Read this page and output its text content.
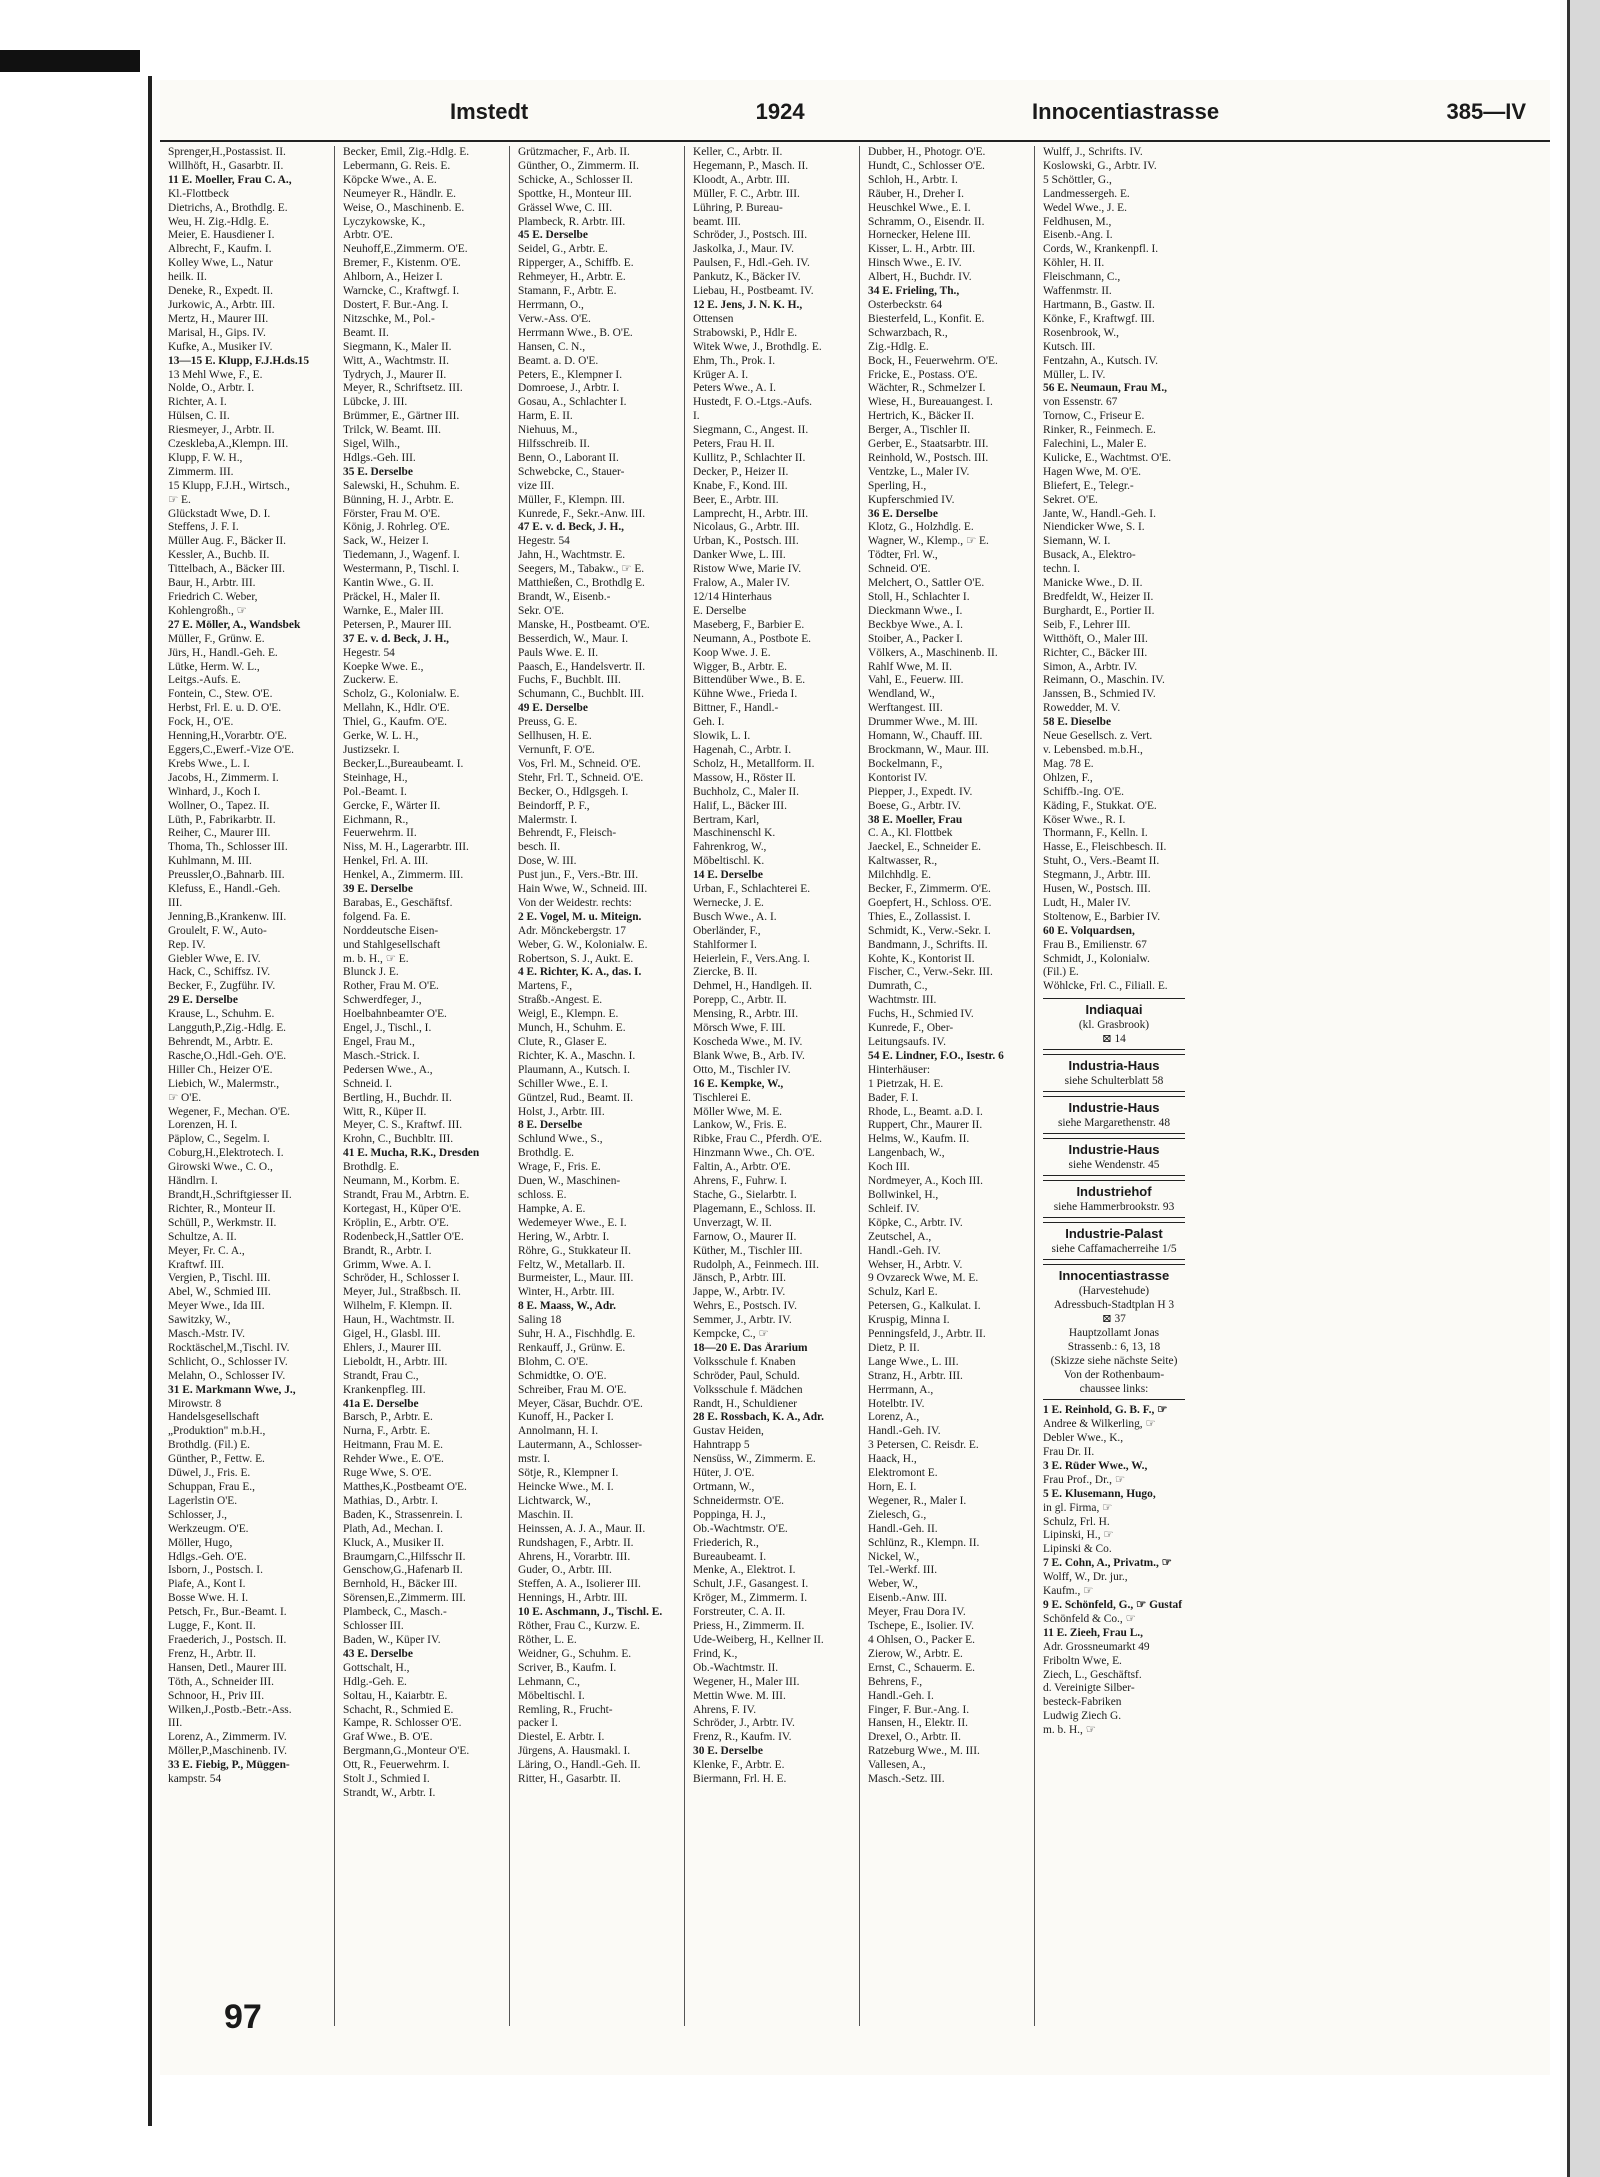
Imstedt	1924	Innocentiastrasse	385—IV
Sprenger,H.,Postassist. II.
Willhöft, H., Gasarbtr. II.
11 E. Moeller, Frau C. A.,
Kl.-Flottbeck
Dietrichs, A., Brothdlg. E.
Weu, H. Zig.-Hdlg. E.
Meier, E. Hausdiener I.
Albrecht, F., Kaufm. I.
Kolley Wwe, L., Natur
heilk. II.
Deneke, R., Expedt. II.
Jurkowic, A., Arbtr. III.
Mertz, H., Maurer III.
Marisal, H., Gips. IV.
Kufke, A., Musiker IV.
13—15 E. Klupp, F.J.H.ds.15
13 Mehl Wwe, F., E.
Nolde, O., Arbtr. I.
Richter, A. I.
Hülsen, C. II.
Riesmeyer, J., Arbtr. II.
Czeskleba,A.,Klempn. III.
Klupp, F. W. H.,
Zimmerm. III.
15 Klupp, F.J.H., Wirtsch.,
☞ E.
Glückstadt Wwe, D. I.
Steffens, J. F. I.
Müller Aug. F., Bäcker II.
Kessler, A., Buchb. II.
Tittelbach, A., Bäcker III.
Baur, H., Arbtr. III.
Friedrich C. Weber,
Kohlengroßh., ☞
27 E. Möller, A., Wandsbek
Müller, F., Grünw. E.
Jürs, H., Handl.-Geh. E.
Lütke, Herm. W. L.,
Leitgs.-Aufs. E.
Fontein, C., Stew. O'E.
Herbst, Frl. E. u. D. O'E.
Fock, H., O'E.
Henning,H.,Vorarbtr. O'E.
Eggers,C.,Ewerf.-Vize O'E.
Krebs Wwe., L. I.
Jacobs, H., Zimmerm. I.
Winhard, J., Koch I.
Wollner, O., Tapez. II.
Lüth, P., Fabrikarbtr. II.
Reiher, C., Maurer III.
Thoma, Th., Schlosser III.
Kuhlmann, M. III.
Preussler,O.,Bahnarb. III.
Klefuss, E., Handl.-Geh.
III.
Jenning,B.,Krankenw. III.
Groulelt, F. W., Auto-
Rep. IV.
Giebler Wwe, E. IV.
Hack, C., Schiffsz. IV.
Becker, F., Zugführ. IV.
29 E. Derselbe
Krause, L., Schuhm. E.
Langguth,P.,Zig.-Hdlg. E.
Behrendt, M., Arbtr. E.
Rasche,O.,Hdl.-Geh. O'E.
Hiller Ch., Heizer O'E.
Liebich, W., Malermstr.,
☞ O'E.
Wegener, F., Mechan. O'E.
Lorenzen, H. I.
Päplow, C., Segelm. I.
Coburg,H.,Elektrotech. I.
Girowski Wwe., C. O.,
Händlrn. I.
Brandt,H.,Schriftgiesser II.
Richter, R., Monteur II.
Schüll, P., Werkmstr. II.
Schultze, A. II.
Meyer, Fr. C. A.,
Kraftwf. III.
Vergien, P., Tischl. III.
Abel, W., Schmied III.
Meyer Wwe., Ida III.
Sawitzky, W.,
Masch.-Mstr. IV.
Rocktäschel,M.,Tischl. IV.
Schlicht, O., Schlosser IV.
Melahn, O., Schlosser IV.
31 E. Markmann Wwe, J.,
Mirowstr. 8
Handelsgesellschaft
„Produktion" m.b.H.,
Brothdlg. (Fil.) E.
Günther, P., Fettw. E.
Düwel, J., Fris. E.
Schuppan, Frau E.,
Lagerlstin O'E.
Schlosser, J.,
Werkzeugm. O'E.
Möller, Hugo,
Hdlgs.-Geh. O'E.
Isborn, J., Postsch. I.
Piafe, A., Kont I.
Bosse Wwe. H. I.
Petsch, Fr., Bur.-Beamt. I.
Lugge, F., Kont. II.
Fraederich, J., Postsch. II.
Frenz, H., Arbtr. II.
Hansen, Detl., Maurer III.
Töth, A., Schneider III.
Schnoor, H., Priv III.
Wilken,J.,Postb.-Betr.-Ass.
III.
Lorenz, A., Zimmerm. IV.
Möller,P.,Maschinenb. IV.
33 E. Fiebig, P., Müggen-
kampstr. 54
Becker, Emil, Zig.-Hdlg. E.
Lebermann, G. Reis. E.
Köpcke Wwe., A. E.
Neumeyer R., Händlr. E.
Weise, O., Maschinenb. E.
Lyczykowske, K.,
Arbtr. O'E.
Neuhoff,E.,Zimmerm. O'E.
Bremer, F., Kistenm. O'E.
Ahlborn, A., Heizer I.
Warncke, C., Kraftwgf. I.
Dostert, F. Bur.-Ang. I.
Nitzschke, M., Pol.-
Beamt. II.
Siegmann, K., Maler II.
Witt, A., Wachtmstr. II.
Tydrych, J., Maurer II.
Meyer, R., Schriftsetz. III.
Lübcke, J. III.
Brümmer, E., Gärtner III.
Trilck, W. Beamt. III.
Sigel, Wilh.,
Hdlgs.-Geh. III.
35 E. Derselbe
Salewski, H., Schuhm. E.
Bünning, H. J., Arbtr. E.
Förster, Frau M. O'E.
König, J. Rohrleg. O'E.
Sack, W., Heizer I.
Tiedemann, J., Wagenf. I.
Westermann, P., Tischl. I.
Kantin Wwe., G. II.
Präckel, H., Maler II.
Warnke, E., Maler III.
Petersen, P., Maurer III.
37 E. v. d. Beck, J. H.,
Hegestr. 54
Koepke Wwe. E.,
Zuckerw. E.
Scholz, G., Kolonialw. E.
Mellahn, K., Hdlr. O'E.
Thiel, G., Kaufm. O'E.
Gerke, W. L. H.,
Justizsekr. I.
Becker,L.,Bureaubeamt. I.
Steinhage, H.,
Pol.-Beamt. I.
Gercke, F., Wärter II.
Eichmann, R.,
Feuerwehrm. II.
Niss, M. H., Lagerarbtr. III.
Henkel, Frl. A. III.
Henkel, A., Zimmerm. III.
39 E. Derselbe
Barabas, E., Geschäftsf.
folgend. Fa. E.
Norddeutsche Eisen-
und Stahlgesellschaft
m. b. H., ☞ E.
Blunck J. E.
Rother, Frau M. O'E.
Schwerdfeger, J.,
Hoelbahnbeamter O'E.
Engel, J., Tischl., I.
Engel, Frau M.,
Masch.-Strick. I.
Pedersen Wwe., A.,
Schneid. I.
Bertling, H., Buchdr. II.
Witt, R., Küper II.
Meyer, C. S., Kraftwf. III.
Krohn, C., Buchbltr. III.
41 E. Mucha, R.K., Dresden
Brothdlg. E.
Neumann, M., Korbm. E.
Strandt, Frau M., Arbtrn. E.
Kortegast, H., Küper O'E.
Kröplin, E., Arbtr. O'E.
Rodenbeck,H.,Sattler O'E.
Brandt, R., Arbtr. I.
Grimm, Wwe. A. I.
Schröder, H., Schlosser I.
Meyer, Jul., Straßbsch. II.
Wilhelm, F. Klempn. II.
Haun, H., Wachtmstr. II.
Gigel, H., Glasbl. III.
Ehlers, J., Maurer III.
Lieboldt, H., Arbtr. III.
Strandt, Frau C.,
Krankenpfleg. III.
41a E. Derselbe
Barsch, P., Arbtr. E.
Nurna, F., Arbtr. E.
Heitmann, Frau M. E.
Rehder Wwe., E. O'E.
Ruge Wwe, S. O'E.
Matthes,K.,Postbeamt O'E.
Mathias, D., Arbtr. I.
Baden, K., Strassenrein. I.
Plath, Ad., Mechan. I.
Kluck, A., Musiker II.
Braumgarn,C.,Hilfsschr II.
Genschow,G.,Hafenarb II.
Bernhold, H., Bäcker III.
Sörensen,E.,Zimmerm. III.
Plambeck, C., Masch.-
Schlosser III.
Baden, W., Küper IV.
43 E. Derselbe
Gottschalt, H.,
Hdlg.-Geh. E.
Soltau, H., Kaiarbtr. E.
Schacht, R., Schmied E.
Kampe, R. Schlosser O'E.
Graf Wwe., B. O'E.
Bergmann,G.,Monteur O'E.
Ott, R., Feuerwehrm. I.
Stolt J., Schmied I.
Strandt, W., Arbtr. I.
Grützmacher, F., Arb. II.
Günther, O., Zimmerm. II.
Schicke, A., Schlosser II.
Spottke, H., Monteur III.
Grässel Wwe, C. III.
Plambeck, R. Arbtr. III.
45 E. Derselbe
Seidel, G., Arbtr. E.
Ripperger, A., Schiffb. E.
Rehmeyer, H., Arbtr. E.
Stamann, F., Arbtr. E.
Herrmann, O.,
Verw.-Ass. O'E.
Herrmann Wwe., B. O'E.
Hansen, C. N.,
Beamt. a. D. O'E.
Peters, E., Klempner I.
Domroese, J., Arbtr. I.
Gosau, A., Schlachter I.
Harm, E. II.
Niehuus, M.,
Hilfsschreib. II.
Benn, O., Laborant II.
Schwebcke, C., Stauer-
vize III.
Müller, F., Klempn. III.
Kunrede, F., Sekr.-Anw. III.
47 E. v. d. Beck, J. H.,
Hegestr. 54
Jahn, H., Wachtmstr. E.
Seegers, M., Tabakw., ☞ E.
Matthießen, C., Brothdlg E.
Brandt, W., Eisenb.-
Sekr. O'E.
Manske, H., Postbeamt. O'E.
Besserdich, W., Maur. I.
Pauls Wwe. E. II.
Paasch, E., Handelsvertr. II.
Fuchs, F., Buchblt. III.
Schumann, C., Buchblt. III.
49 E. Derselbe
Preuss, G. E.
Sellhusen, H. E.
Vernunft, F. O'E.
Vos, Frl. M., Schneid. O'E.
Stehr, Frl. T., Schneid. O'E.
Becker, O., Hdlgsgeh. I.
Beindorff, P. F.,
Malermstr. I.
Behrendt, F., Fleisch-
besch. II.
Dose, W. III.
Pust jun., F., Vers.-Btr. III.
Hain Wwe, W., Schneid. III.
Von der Weidestr. rechts:
2 E. Vogel, M. u. Miteign.
Adr. Mönckebergstr. 17
Weber, G. W., Kolonialw. E.
Robertson, S. J., Aukt. E.
4 E. Richter, K. A., das. I.
Martens, F.,
Straßb.-Angest. E.
Weigl, E., Klempn. E.
Munch, H., Schuhm. E.
Clute, R., Glaser E.
Richter, K. A., Maschn. I.
Plaumann, A., Kutsch. I.
Schiller Wwe., E. I.
Güntzel, Rud., Beamt. II.
Holst, J., Arbtr. III.
8 E. Derselbe
Schlund Wwe., S.,
Brothdlg. E.
Wrage, F., Fris. E.
Duen, W., Maschinen-
schloss. E.
Hampke, A. E.
Wedemeyer Wwe., E. I.
Hering, W., Arbtr. I.
Röhre, G., Stukkateur II.
Feltz, W., Metallarb. II.
Burmeister, L., Maur. III.
Winter, H., Arbtr. III.
8 E. Maass, W., Adr.
Saling 18
Suhr, H. A., Fischhdlg. E.
Renkauff, J., Grünw. E.
Blohm, C. O'E.
Schmidtke, O. O'E.
Schreiber, Frau M. O'E.
Meyer, Cäsar, Buchdr. O'E.
Kunoff, H., Packer I.
Annolmann, H. I.
Lautermann, A., Schlosser-
mstr. I.
Sötje, R., Klempner I.
Heincke Wwe., M. I.
Lichtwarck, W.,
Maschin. II.
Heinssen, A. J. A., Maur. II.
Rundshagen, F., Arbtr. II.
Ahrens, H., Vorarbtr. III.
Guder, O., Arbtr. III.
Steffen, A. A., Isolierer III.
Hennings, H., Arbtr. III.
10 E. Aschmann, J., Tischl. E.
Röther, Frau C., Kurzw. E.
Röther, L. E.
Weidner, G., Schuhm. E.
Scriver, B., Kaufm. I.
Lehmann, C.,
Möbeltischl. I.
Remling, R., Frucht-
packer I.
Diestel, E. Arbtr. I.
Jürgens, A. Hausmakl. I.
Läring, O., Handl.-Geh. II.
Ritter, H., Gasarbtr. II.
Keller, C., Arbtr. II.
Hegemann, P., Masch. II.
Kloodt, A., Arbtr. III.
Müller, F. C., Arbtr. III.
Lühring, P. Bureau-
beamt. III.
Schröder, J., Postsch. III.
Jaskolka, J., Maur. IV.
Paulsen, F., Hdl.-Geh. IV.
Pankutz, K., Bäcker IV.
Liebau, H., Postbeamt. IV.
12 E. Jens, J. N. K. H.,
Ottensen
Strabowski, P., Hdlr E.
Witek Wwe, J., Brothdlg. E.
Ehm, Th., Prok. I.
Krüger A. I.
Peters Wwe., A. I.
Hustedt, F. O.-Ltgs.-Aufs.
I.
Siegmann, C., Angest. II.
Peters, Frau H. II.
Kullitz, P., Schlachter II.
Decker, P., Heizer II.
Knabe, F., Kond. III.
Beer, E., Arbtr. III.
Lamprecht, H., Arbtr. III.
Nicolaus, G., Arbtr. III.
Urban, K., Postsch. III.
Danker Wwe, L. III.
Ristow Wwe, Marie IV.
Fralow, A., Maler IV.
12/14 Hinterhaus
E. Derselbe
Maseberg, F., Barbier E.
Neumann, A., Postbote E.
Koop Wwe. J. E.
Wigger, B., Arbtr. E.
Bittendüber Wwe., B. E.
Kühne Wwe., Frieda I.
Bittner, F., Handl.-
Geh. I.
Slowik, L. I.
Hagenah, C., Arbtr. I.
Scholz, H., Metallform. II.
Massow, H., Röster II.
Buchholz, C., Maler II.
Halif, L., Bäcker III.
Bertram, Karl,
Maschinenschl K.
Fahrenkrog, W.,
Möbeltischl. K.
14 E. Derselbe
Urban, F., Schlachterei E.
Wernecke, J. E.
Busch Wwe., A. I.
Oberländer, F.,
Stahlformer I.
Heierlein, F., Vers.Ang. I.
Ziercke, B. II.
Dehmel, H., Handlgeh. II.
Porepp, C., Arbtr. II.
Mensing, R., Arbtr. III.
Mörsch Wwe, F. III.
Koscheda Wwe., M. IV.
Blank Wwe, B., Arb. IV.
Otto, M., Tischler IV.
16 E. Kempke, W.,
Tischlerei E.
Möller Wwe, M. E.
Lankow, W., Fris. E.
Ribke, Frau C., Pferdh. O'E.
Hinzmann Wwe., Ch. O'E.
Faltin, A., Arbtr. O'E.
Ahrens, F., Fuhrw. I.
Stache, G., Sielarbtr. I.
Plagemann, E., Schloss. II.
Unverzagt, W. II.
Farnow, O., Maurer II.
Küther, M., Tischler III.
Rudolph, A., Feinmech. III.
Jänsch, P., Arbtr. III.
Jappe, W., Arbtr. IV.
Wehrs, E., Postsch. IV.
Semmer, J., Arbtr. IV.
Kempcke, C., ☞
18—20 E. Das Ärarium
Volksschule f. Knaben
Schröder, Paul, Schuld.
Volksschule f. Mädchen
Randt, H., Schuldiener
28 E. Rossbach, K. A., Adr.
Gustav Heiden,
Hahntrapp 5
Nensüss, W., Zimmerm. E.
Hüter, J. O'E.
Ortmann, W.,
Schneidermstr. O'E.
Poppinga, H. J.,
Ob.-Wachtmstr. O'E.
Friederich, R.,
Bureaubeamt. I.
Menke, A., Elektrot. I.
Schult, J.F., Gasangest. I.
Kröger, M., Zimmerm. I.
Forstreuter, C. A. II.
Priess, H., Zimmerm. II.
Ude-Weiberg, H., Kellner II.
Frind, K.,
Ob.-Wachtmstr. II.
Wegener, H., Maler III.
Mettin Wwe. M. III.
Ahrens, F. IV.
Schröder, J., Arbtr. IV.
Frenz, R., Kaufm. IV.
30 E. Derselbe
Klenke, F., Arbtr. E.
Biermann, Frl. H. E.
Dubber, H., Photogr. O'E.
Hundt, C., Schlosser O'E.
Schloh, H., Arbtr. I.
Räuber, H., Dreher I.
Heuschkel Wwe., E. I.
Schramm, O., Eisendr. II.
Hornecker, Helene III.
Kisser, L. H., Arbtr. III.
Hinsch Wwe., E. IV.
Albert, H., Buchdr. IV.
34 E. Frieling, Th.,
Osterbeckstr. 64
Biesterfeld, L., Konfit. E.
Schwarzbach, R.,
Zig.-Hdlg. E.
Bock, H., Feuerwehrm. O'E.
Fricke, E., Postass. O'E.
Wächter, R., Schmelzer I.
Wiese, H., Bureauangest. I.
Hertrich, K., Bäcker II.
Berger, A., Tischler II.
Gerber, E., Staatsarbtr. III.
Reinhold, W., Postsch. III.
Ventzke, L., Maler IV.
Sperling, H.,
Kupferschmied IV.
36 E. Derselbe
Klotz, G., Holzhdlg. E.
Wagner, W., Klemp., ☞ E.
Tödter, Frl. W.,
Schneid. O'E.
Melchert, O., Sattler O'E.
Stoll, H., Schlachter I.
Dieckmann Wwe., I.
Beckbye Wwe., A. I.
Stoiber, A., Packer I.
Völkers, A., Maschinenb. II.
Rahlf Wwe, M. II.
Vahl, E., Feuerw. III.
Wendland, W.,
Werftangest. III.
Drummer Wwe., M. III.
Homann, W., Chauff. III.
Brockmann, W., Maur. III.
Bockelmann, F.,
Kontorist IV.
Piepper, J., Expedt. IV.
Boese, G., Arbtr. IV.
38 E. Moeller, Frau
C. A., Kl. Flottbek
Jaeckel, E., Schneider E.
Kaltwasser, R.,
Milchhdlg. E.
Becker, F., Zimmerm. O'E.
Goepfert, H., Schloss. O'E.
Thies, E., Zollassist. I.
Schmidt, K., Verw.-Sekr. I.
Bandmann, J., Schrifts. II.
Kohte, K., Kontorist II.
Fischer, C., Verw.-Sekr. III.
Dumrath, C.,
Wachtmstr. III.
Fuchs, H., Schmied IV.
Kunrede, F., Ober-
Leitungsaufs. IV.
54 E. Lindner, F.O., Isestr. 6
Hinterhäuser:
1 Pietrzak, H. E.
Bader, F. I.
Rhode, L., Beamt. a.D. I.
Ruppert, Chr., Maurer II.
Helms, W., Kaufm. II.
Langenbach, W.,
Koch III.
Nordmeyer, A., Koch III.
Bollwinkel, H.,
Schleif. IV.
Köpke, C., Arbtr. IV.
Zeutschel, A.,
Handl.-Geh. IV.
Wehser, H., Arbtr. V.
9 Ovzareck Wwe, M. E.
Schulz, Karl E.
Petersen, G., Kalkulat. I.
Kruspig, Minna I.
Penningsfeld, J., Arbtr. II.
Dietz, P. II.
Lange Wwe., L. III.
Stranz, H., Arbtr. III.
Herrmann, A.,
Hotelbtr. IV.
Lorenz, A.,
Handl.-Geh. IV.
3 Petersen, C. Reisdr. E.
Haack, H.,
Elektromont E.
Horn, E. I.
Wegener, R., Maler I.
Zielesch, G.,
Handl.-Geh. II.
Schlünz, R., Klempn. II.
Nickel, W.,
Tel.-Werkf. III.
Weber, W.,
Eisenb.-Anw. III.
Meyer, Frau Dora IV.
Tschepe, E., Isolier. IV.
4 Ohlsen, O., Packer E.
Zierow, W., Arbtr. E.
Ernst, C., Schauerm. E.
Behrens, F.,
Handl.-Geh. I.
Finger, F. Bur.-Ang. I.
Hansen, H., Elektr. II.
Drexel, O., Arbtr. II.
Ratzeburg Wwe., M. III.
Vallesen, A.,
Masch.-Setz. III.
Wulff, J., Schrifts. IV.
Koslowski, G., Arbtr. IV.
5 Schöttler, G.,
Landmessergeh. E.
Wedel Wwe., J. E.
Feldhusen, M.,
Eisenb.-Ang. I.
Cords, W., Krankenpfl. I.
Köhler, H. II.
Fleischmann, C.,
Waffenmstr. II.
Hartmann, B., Gastw. II.
Könke, F., Kraftwgf. III.
Rosenbrook, W.,
Kutsch. III.
Fentzahn, A., Kutsch. IV.
Müller, L. IV.
56 E. Neumaun, Frau M.,
von Essenstr. 67
Tornow, C., Friseur E.
Rinker, R., Feinmech. E.
Falechini, L., Maler E.
Kulicke, E., Wachtmst. O'E.
Hagen Wwe, M. O'E.
Bliefert, E., Telegr.-
Sekret. O'E.
Jante, W., Handl.-Geh. I.
Niendicker Wwe, S. I.
Siemann, W. I.
Busack, A., Elektro-
techn. I.
Manicke Wwe., D. II.
Bredfeldt, W., Heizer II.
Burghardt, E., Portier II.
Seib, F., Lehrer III.
Witthöft, O., Maler III.
Richter, C., Bäcker III.
Simon, A., Arbtr. IV.
Reimann, O., Maschin. IV.
Janssen, B., Schmied IV.
Rowedder, M. V.
58 E. Dieselbe
Neue Gesellsch. z. Vert.
v. Lebensbed. m.b.H.,
Mag. 78 E.
Ohlzen, F.,
Schiffb.-Ing. O'E.
Käding, F., Stukkat. O'E.
Köser Wwe., R. I.
Thormann, F., Kelln. I.
Hasse, E., Fleischbesch. II.
Stuht, O., Vers.-Beamt II.
Stegmann, J., Arbtr. III.
Husen, W., Postsch. III.
Ludt, H., Maler IV.
Stoltenow, E., Barbier IV.
60 E. Volquardsen,
Frau B., Emilienstr. 67
Schmidt, J., Kolonialw.
(Fil.) E.
Wöhlcke, Frl. C., Filiall. E.
Indiaquai
(kl. Grasbrook)
⊠ 14
Industria-Haus
siehe Schulterblatt 58
Industrie-Haus
siehe Margarethenstr. 48
Industrie-Haus
siehe Wendenstr. 45
Industriehof
siehe Hammerbrookstr. 93
Industrie-Palast
siehe Caffamacherreihe 1/5
Innocentiastrasse
(Harvestehude)
Adressbuch-Stadtplan H 3
⊠ 37
Hauptzollamt Jonas
Strassenb.: 6, 13, 18
(Skizze siehe nächste Seite)
Von der Rothenbaum-
chaussee links:
1 E. Reinhold, G. B. F., ☞
Andree & Wilkerling, ☞
Debler Wwe., K.,
Frau Dr. II.
3 E. Rüder Wwe., W.,
Frau Prof., Dr., ☞
5 E. Klusemann, Hugo,
in gl. Firma, ☞
Schulz, Frl. H.
Lipinski, H., ☞
Lipinski & Co.
7 E. Cohn, A., Privatm., ☞
Wolff, W., Dr. jur.,
Kaufm., ☞
9 E. Schönfeld, G., ☞ Gustaf
Schönfeld & Co., ☞
11 E. Zieeh, Frau L.,
Adr. Grossneumarkt 49
Friboltn Wwe, E.
Ziech, L., Geschäftsf.
d. Vereinigte Silber-
besteck-Fabriken
Ludwig Ziech G.
m. b. H., ☞
97
